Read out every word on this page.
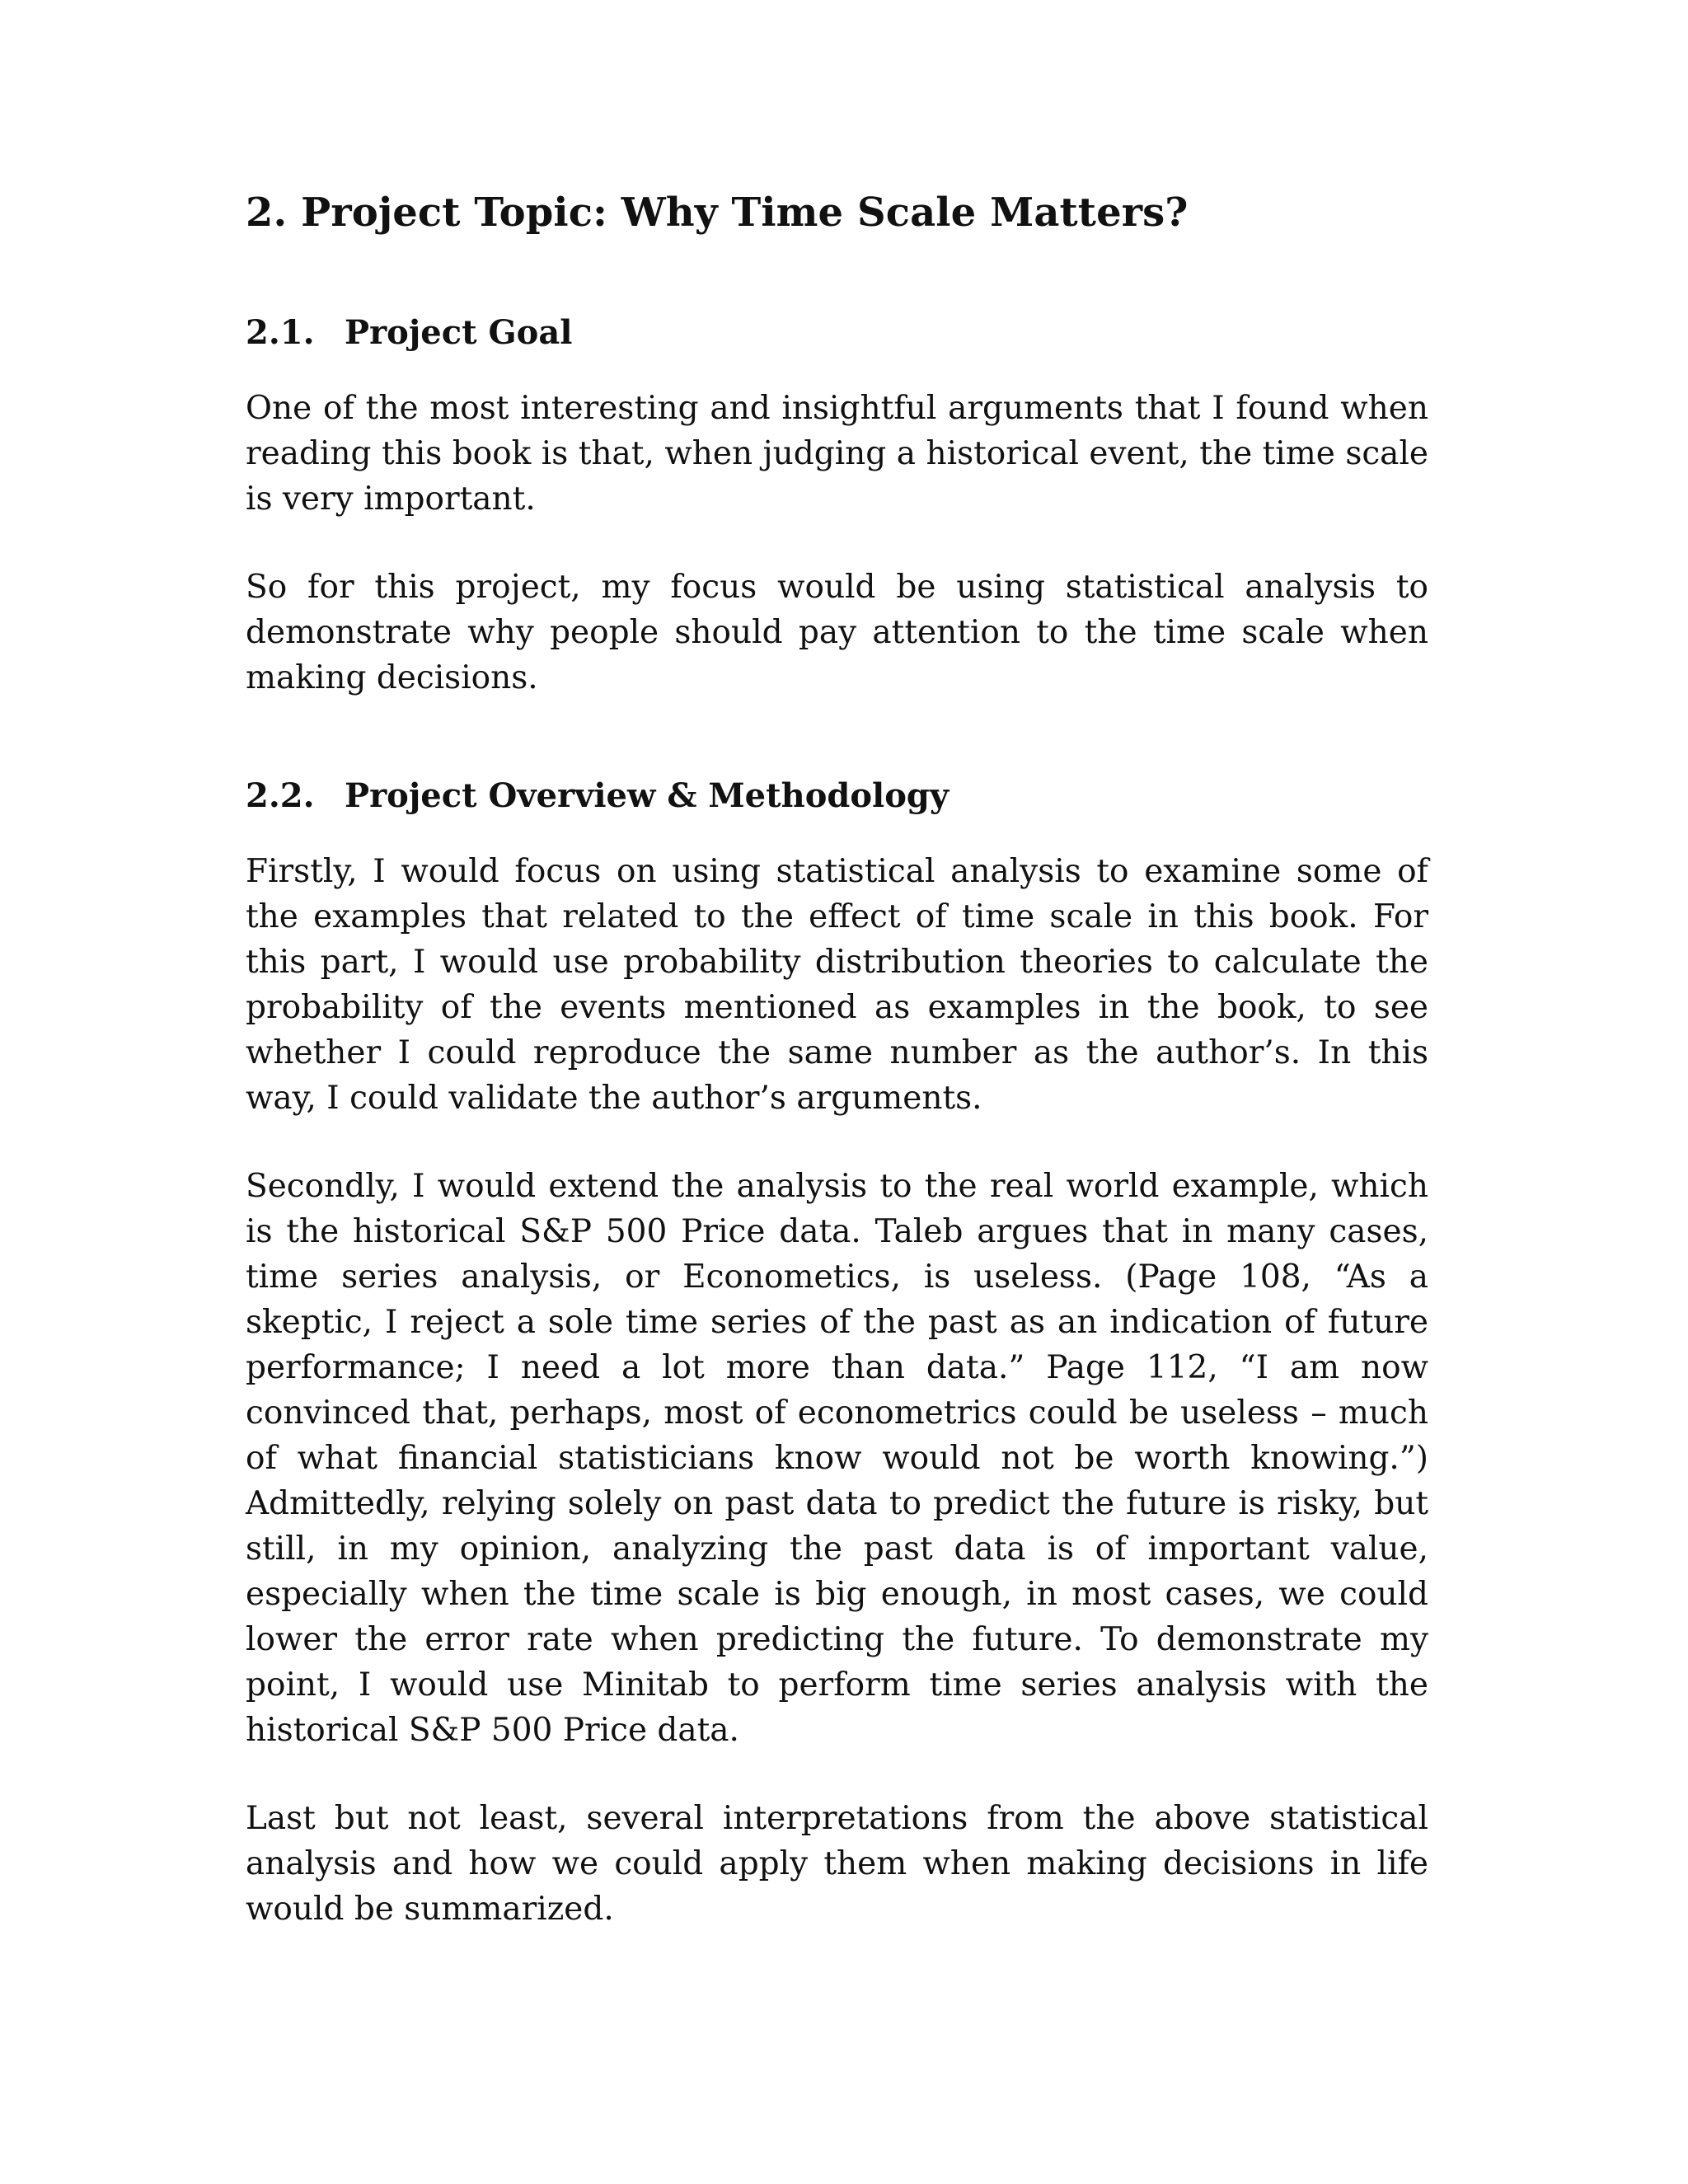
2. Project Topic: Why Time Scale Matters?
2.1. Project Goal

One of the most interesting and insightful arguments that I found when reading this book is that, when judging a historical event, the time scale is very important.

So for this project, my focus would be using statistical analysis to demonstrate why people should pay attention to the time scale when making decisions.

2.2. Project Overview & Methodology

Firstly, I would focus on using statistical analysis to examine some of the examples that related to the effect of time scale in this book. For this part, I would use probability distribution theories to calculate the probability of the events mentioned as examples in the book, to see whether I could reproduce the same number as the author’s. In this way, I could validate the author’s arguments.

Secondly, I would extend the analysis to the real world example, which is the historical S&P 500 Price data. Taleb argues that in many cases, time series analysis, or Econometics, is useless. (Page 108, “As a skeptic, I reject a sole time series of the past as an indication of future performance; I need a lot more than data.” Page 112, “I am now convinced that, perhaps, most of econometrics could be useless – much of what financial statisticians know would not be worth knowing.”) Admittedly, relying solely on past data to predict the future is risky, but still, in my opinion, analyzing the past data is of important value, especially when the time scale is big enough, in most cases, we could lower the error rate when predicting the future. To demonstrate my point, I would use Minitab to perform time series analysis with the historical S&P 500 Price data.

Last but not least, several interpretations from the above statistical analysis and how we could apply them when making decisions in life would be summarized.
